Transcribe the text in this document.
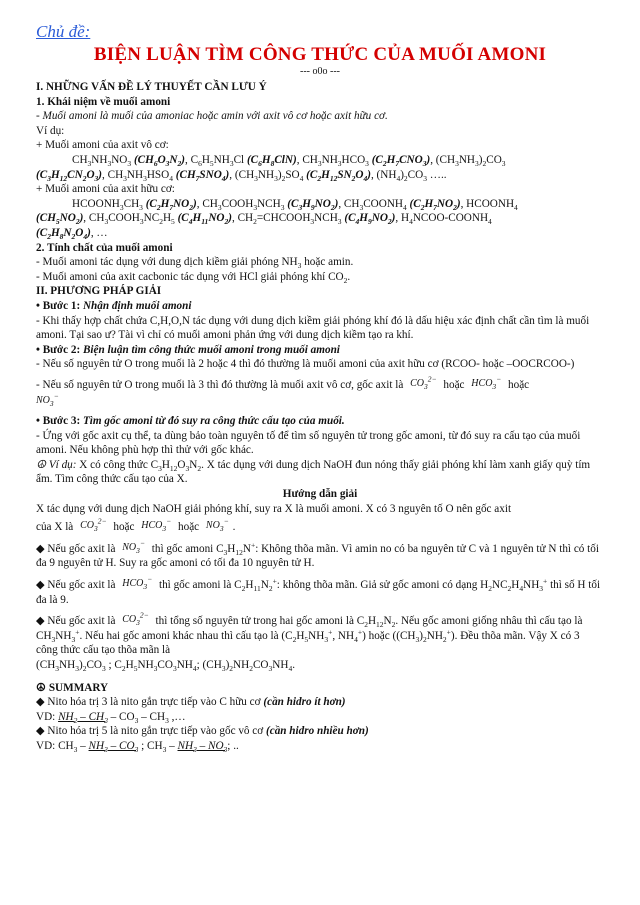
Chủ đề:
BIỆN LUẬN TÌM CÔNG THỨC CỦA MUỐI AMONI
--- o0o ---

I. NHỮNG VẤN ĐỀ LÝ THUYẾT CẦN LƯU Ý

1. Khái niệm về muối amoni

- Muối amoni là muối của amoniac hoặc amin với axit vô cơ hoặc axit hữu cơ.

Ví dụ:

+ Muối amoni của axit vô cơ:

$CH_3NH_3NO_3$ $(CH_6O_3N_2)$, $C_6H_5NH_3Cl$ $(C_6H_8ClN)$, $CH_3NH_3HCO_3$ $(C_2H_7CNO_3)$, $(CH_3NH_3)_2CO_3$

$(C_3H_{12}CN_2O_3)$, $CH_3NH_3HSO_4$ $(CH_7SNO_4)$, $(CH_3NH_3)_2SO_4$ $(C_2H_{12}SN_2O_4)$, $(NH_4)_2CO_3$ …..

+ Muối amoni của axit hữu cơ:

$HCOONH_3CH_3$ $(C_2H_7NO_2)$, $CH_3COOH_3NCH_3$ $(C_3H_9NO_2)$, $CH_3COONH_4$ $(C_2H_7NO_2)$, $HCOONH_4$

$(CH_5NO_2)$, $CH_3COOH_3NC_2H_5$ $(C_4H_{11}NO_2)$, $CH_2=CHCOOH_3NCH_3$ $(C_4H_9NO_2)$, $H_4NCOO-COONH_4$

$(C_2H_8N_2O_4)$, …

2. Tính chất của muối amoni

- Muối amoni tác dụng với dung dịch kiềm giải phóng $NH_3$ hoặc amin.

- Muối amoni của axit cacbonic tác dụng với HCl giải phóng khí $CO_2$.

II. PHƯƠNG PHÁP GIẢI

• Bước 1: Nhận định muối amoni

- Khi thấy hợp chất chứa C,H,O,N tác dụng với dung dịch kiềm giải phóng khí đó là dấu hiệu xác định chất cần tìm là muối amoni. Tại sao ư? Tài vì chỉ có muối amoni phản ứng với dung dịch kiềm tạo ra khí.

• Bước 2: Biện luận tìm công thức muối amoni trong muối amoni

- Nếu số nguyên tử O trong muối là 2 hoặc 4 thì đó thường là muối amoni của axit hữu cơ (RCOO- hoặc –OOCRCOO-)

- Nếu số nguyên tử O trong muối là 3 thì đó thường là muối axit vô cơ, gốc axit là $CO_3^{2-}$ hoặc $HCO_3^-$ hoặc

$NO_3^-$

• Bước 3: Tìm gốc amoni từ đó suy ra công thức cấu tạo của muối.

- Ứng với gốc axit cụ thể, ta dùng bảo toàn nguyên tố để tìm số nguyên tử trong gốc amoni, từ đó suy ra cấu tạo của muối amoni. Nếu không phù hợp thì thử với gốc khác.

☮ Ví dụ: X có công thức $C_3H_{12}O_3N_2$. X tác dụng với dung dịch NaOH đun nóng thấy giải phóng khí làm xanh giấy quỳ tím ẩm. Tìm công thức cấu tạo của X.

Hướng dẫn giải

X tác dụng với dung dịch NaOH giải phóng khí, suy ra X là muối amoni. X có 3 nguyên tố O nên gốc axit

của X là $CO_3^{2-}$ hoặc $HCO_3^-$ hoặc $NO_3^-$ .

◆ Nếu gốc axit là $NO_3^-$ thì gốc amoni $C_3H_{12}N^+$: Không thõa mãn. Vì amin no có ba nguyên tử C và 1 nguyên tử N thì có tối đa 9 nguyên tử H. Suy ra gốc amoni có tối đa 10 nguyên tử H.

◆ Nếu gốc axit là $HCO_3^-$ thì gốc amoni là $C_2H_{11}N_2^+$: không thõa mãn. Giả sử gốc amoni có dạng $H_2NC_2H_4NH_3^+$ thì số H tối đa là 9.

◆ Nếu gốc axit là $CO_3^{2-}$ thì tổng số nguyên tử trong hai gốc amoni là $C_2H_{12}N_2$. Nếu gốc amoni giống nhâu thì cấu tạo là $CH_3NH_3^+$. Nếu hai gốc amoni khác nhau thì cấu tạo là ($C_2H_5NH_3^+$, $NH_4^+$) hoặc $((CH_3)_2NH_2^+)$. Đều thõa mãn. Vậy X có 3 công thức cấu tạo thõa mãn là

$(CH_3NH_3)_2CO_3$ ; $C_2H_5NH_3CO_3NH_4$; $(CH_3)_2NH_2CO_3NH_4$.

☮ SUMMARY

◆ Nito hóa trị 3 là nito gắn trực tiếp vào C hữu cơ (cần hidro ít hơn)

VD: $NH_2 - CH_2 - CO_3 - CH_3$ ,…

◆ Nito hóa trị 5 là nito gắn trực tiếp vào gốc vô cơ (cần hidro nhiều hơn)

VD: $CH_3 - NH_3 - CO_3$ ; $CH_3 - NH_3 - NO_3$; ..
